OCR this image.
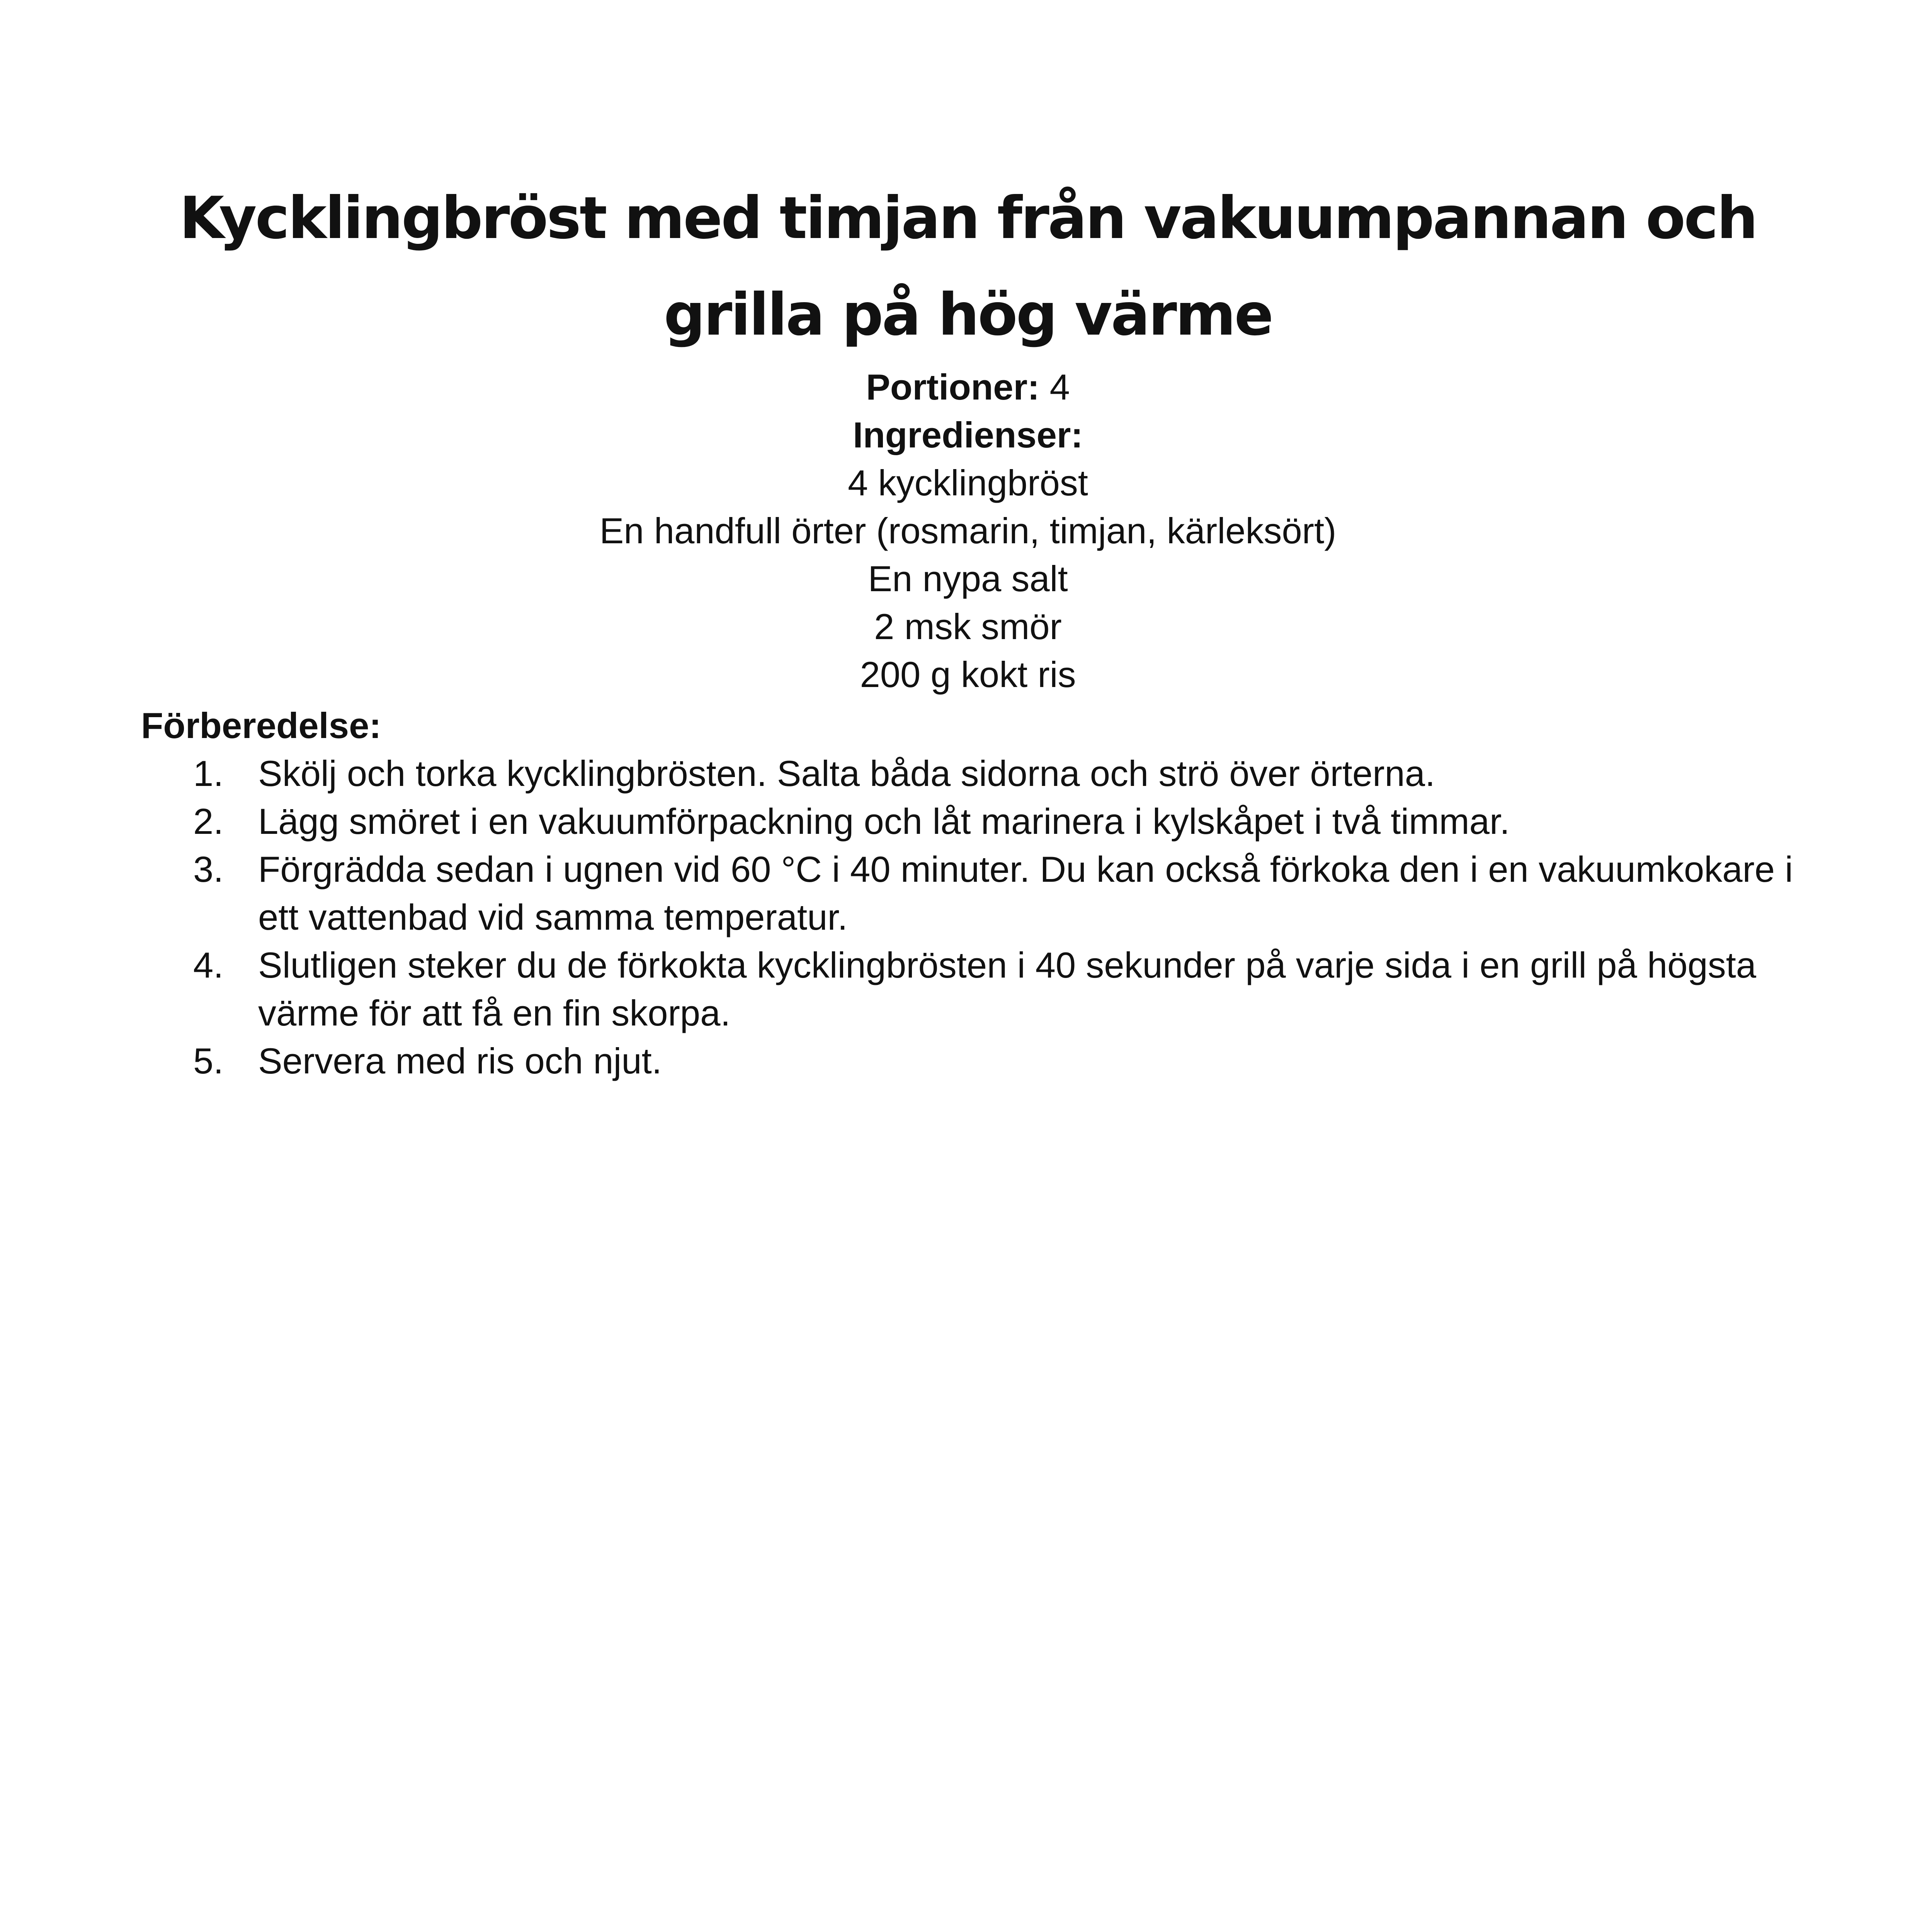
Kycklingbröst med timjan från vakuumpannan och grilla på hög värme

Portioner: 4

Ingredienser:

4 kycklingbröst
En handfull örter (rosmarin, timjan, kärleksört)
En nypa salt
2 msk smör
200 g kokt ris

Förberedelse:

1. Skölj och torka kycklingbrösten. Salta båda sidorna och strö över örterna.
2. Lägg smöret i en vakuumförpackning och låt marinera i kylskåpet i två timmar.
3. Förgrädda sedan i ugnen vid 60 °C i 40 minuter. Du kan också förkoka den i en vakuumkokare i ett vattenbad vid samma temperatur.
4. Slutligen steker du de förkokta kycklingbrösten i 40 sekunder på varje sida i en grill på högsta värme för att få en fin skorpa.
5. Servera med ris och njut.
